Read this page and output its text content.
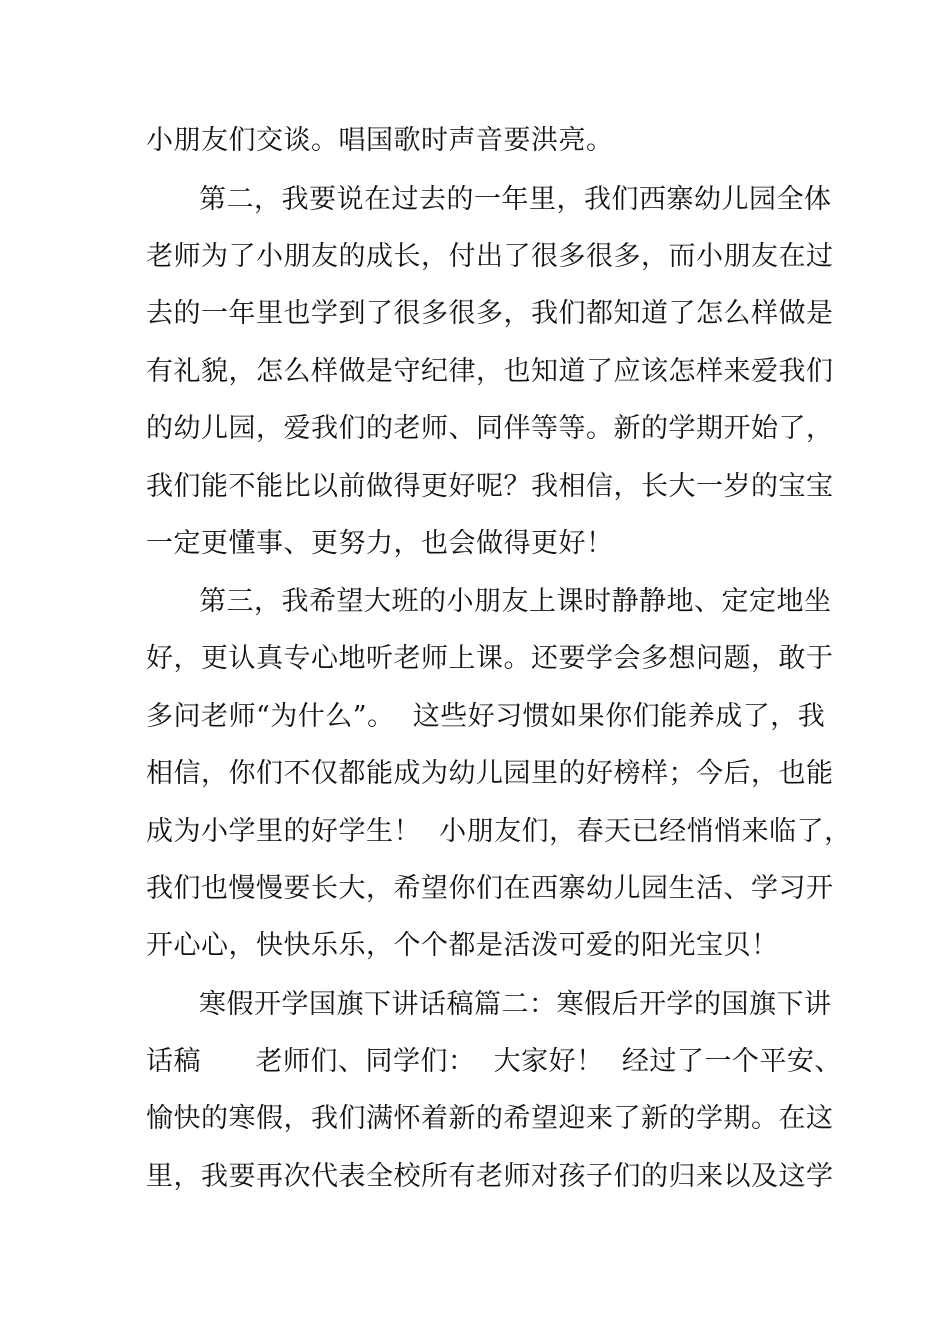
小朋友们交谈。唱国歌时声音要洪亮。
第二，我要说在过去的一年里，我们西寨幼儿园全体
老师为了小朋友的成长，付出了很多很多，而小朋友在过
去的一年里也学到了很多很多，我们都知道了怎么样做是
有礼貌，怎么样做是守纪律，也知道了应该怎样来爱我们
的幼儿园，爱我们的老师、同伴等等。新的学期开始了，
我们能不能比以前做得更好呢？我相信，长大一岁的宝宝
一定更懂事、更努力，也会做得更好！
第三，我希望大班的小朋友上课时静静地、定定地坐
好，更认真专心地听老师上课。还要学会多想问题，敢于
多问老师“为什么”。  这些好习惯如果你们能养成了，我
相信，你们不仅都能成为幼儿园里的好榜样；今后，也能
成为小学里的好学生！  小朋友们，春天已经悄悄来临了，
我们也慢慢要长大，希望你们在西寨幼儿园生活、学习开
开心心，快快乐乐，个个都是活泼可爱的阳光宝贝！
寒假开学国旗下讲话稿篇二：寒假后开学的国旗下讲
话稿      老师们、同学们：  大家好！  经过了一个平安、
愉快的寒假，我们满怀着新的希望迎来了新的学期。在这
里，我要再次代表全校所有老师对孩子们的归来以及这学
